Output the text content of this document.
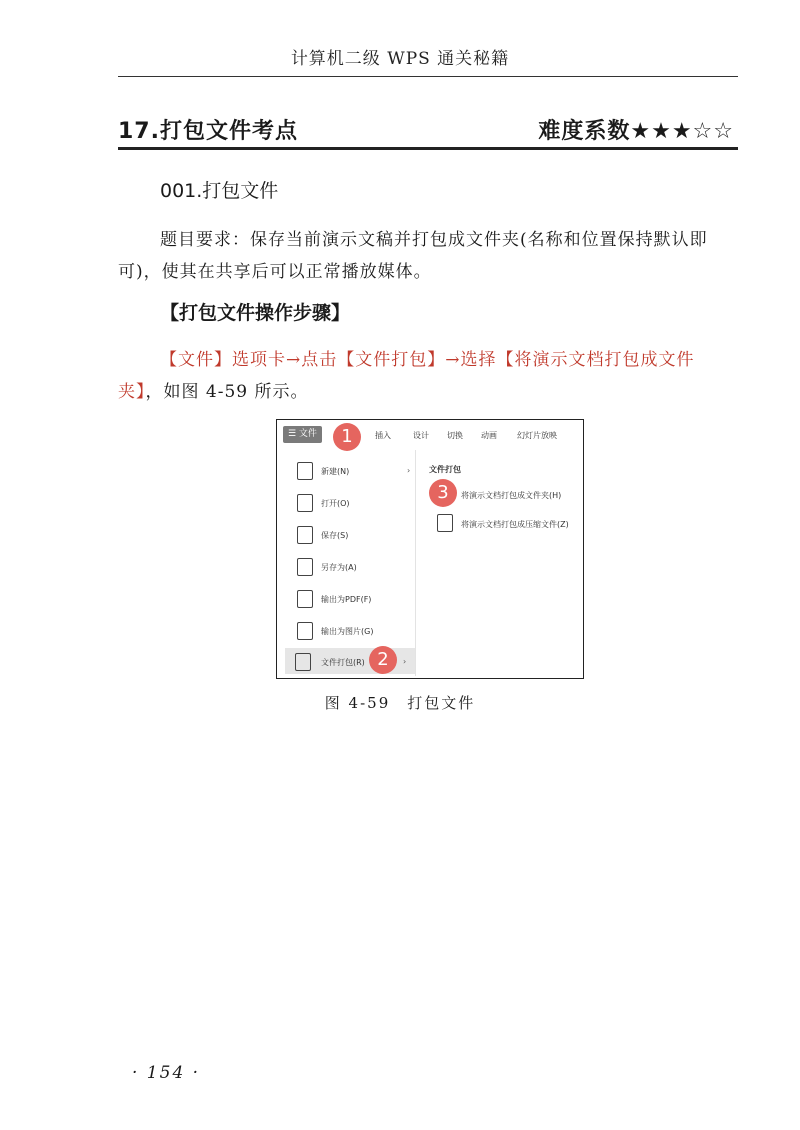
计算机二级 WPS 通关秘籍
17.打包文件考点	难度系数★★★☆☆
001.打包文件

题目要求：保存当前演示文稿并打包成文件夹(名称和位置保持默认即可)，使其在共享后可以正常播放媒体。

【打包文件操作步骤】

【文件】选项卡→点击【文件打包】→选择【将演示文档打包成文件夹】，如图 4-59 所示。

☰ 文件	插入	设计 切换 动画	幻灯片放映
新建(N)	›
打开(O)
保存(S)
另存为(A)
输出为PDF(F)
输出为图片(G)
文件打包(R)	›
文件打包
将演示文档打包成文件夹(H)
将演示文档打包成压缩文件(Z)
1
3
2
图 4-59　打包文件
· 154 ·
